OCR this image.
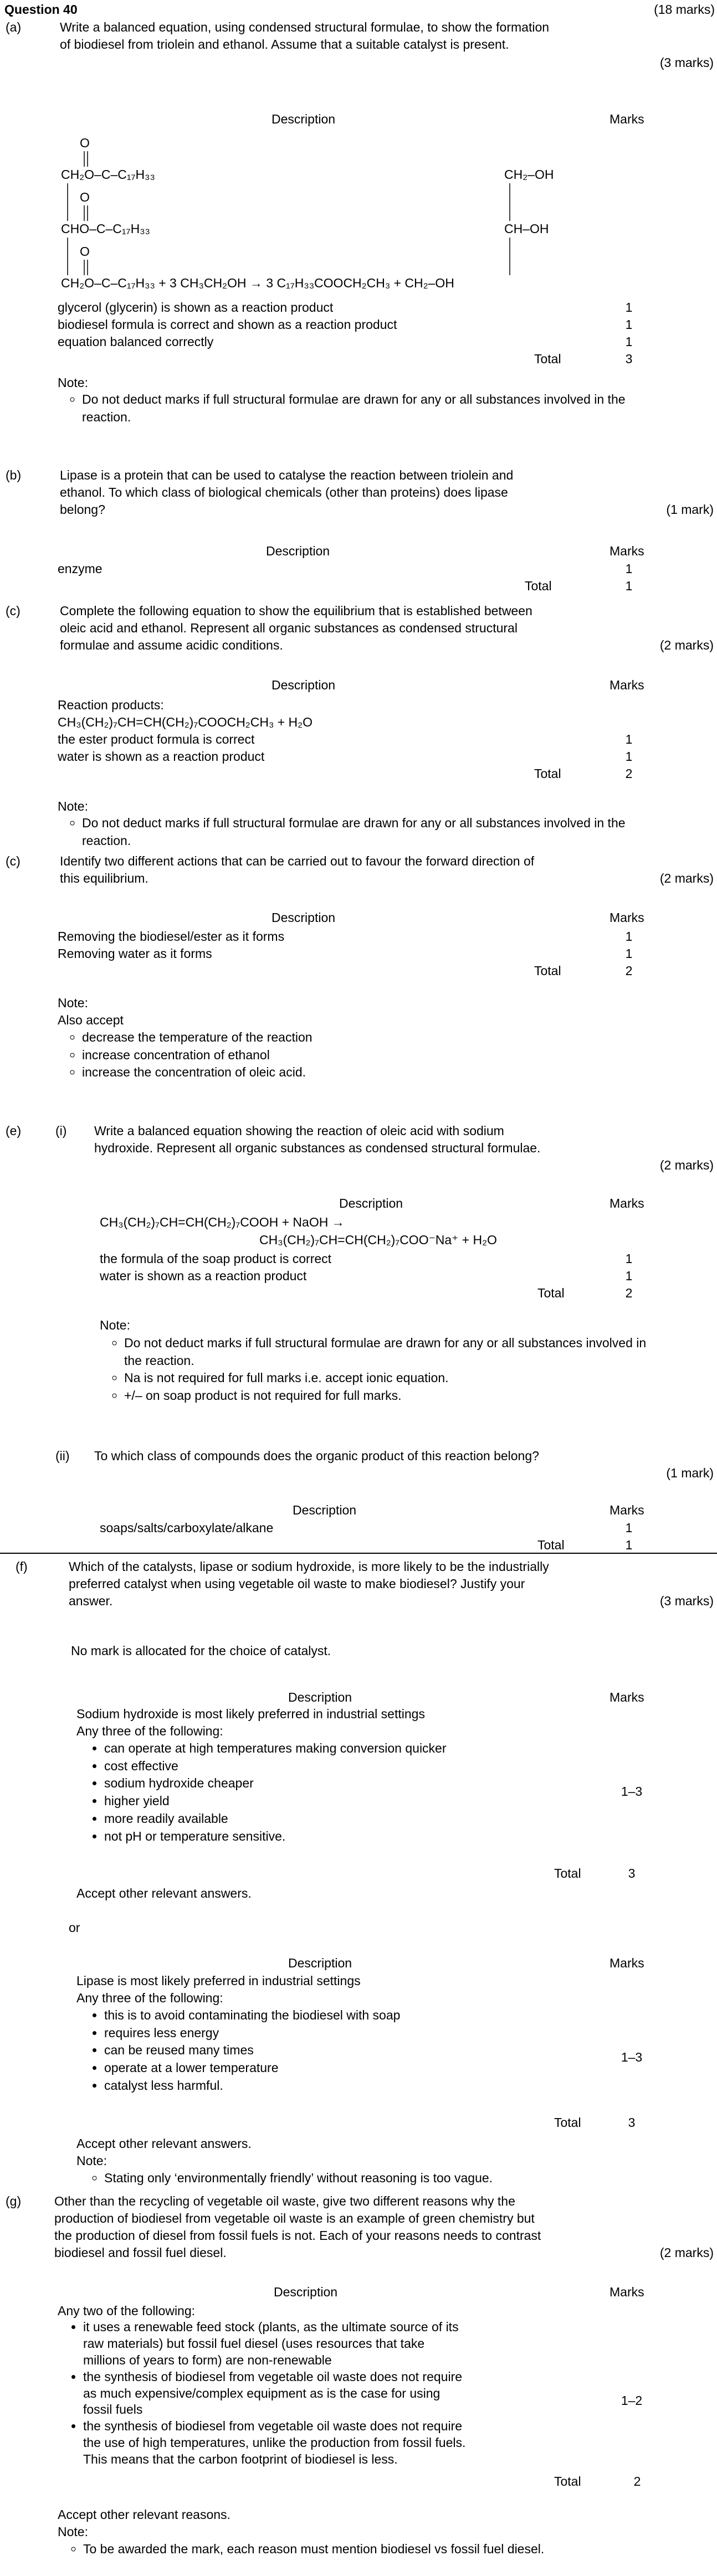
Question 40	(18 marks)
(a)	Write a balanced equation, using condensed structural formulae, to show the formation
of biodiesel from triolein and ethanol. Assume that a suitable catalyst is present.
(3 marks)
Description	Marks
O
CH₂O–C–C₁₇H₃₃
O
CHO–C–C₁₇H₃₃
O
CH₂O–C–C₁₇H₃₃ + 3 CH₃CH₂OH → 3 C₁₇H₃₃COOCH₂CH₃ + CH₂–OH
CH₂–OH
CH–OH
glycerol (glycerin) is shown as a reaction product	1
biodiesel formula is correct and shown as a reaction product	1
equation balanced correctly	1
Total	3
Note:
◦ Do not deduct marks if full structural formulae are drawn for any or all substances involved in the reaction.
(b)	Lipase is a protein that can be used to catalyse the reaction between triolein and
ethanol. To which class of biological chemicals (other than proteins) does lipase
belong?	(1 mark)
Description	Marks
enzyme	1
Total	1
(c)	Complete the following equation to show the equilibrium that is established between
oleic acid and ethanol. Represent all organic substances as condensed structural
formulae and assume acidic conditions.	(2 marks)
Description	Marks
Reaction products:
CH₃(CH₂)₇CH=CH(CH₂)₇COOCH₂CH₃ + H₂O
the ester product formula is correct	1
water is shown as a reaction product	1
Total	2
Note:
◦ Do not deduct marks if full structural formulae are drawn for any or all substances involved in the reaction.
(c)	Identify two different actions that can be carried out to favour the forward direction of
this equilibrium.	(2 marks)
Description	Marks
Removing the biodiesel/ester as it forms	1
Removing water as it forms	1
Total	2
Note:
Also accept
◦ decrease the temperature of the reaction
◦ increase concentration of ethanol
◦ increase the concentration of oleic acid.
(e)	(i) Write a balanced equation showing the reaction of oleic acid with sodium
hydroxide. Represent all organic substances as condensed structural formulae.
(2 marks)
Description	Marks
CH₃(CH₂)₇CH=CH(CH₂)₇COOH + NaOH →
CH₃(CH₂)₇CH=CH(CH₂)₇COO⁻Na⁺ + H₂O
the formula of the soap product is correct	1
water is shown as a reaction product	1
Total	2
Note:
◦ Do not deduct marks if full structural formulae are drawn for any or all substances involved in the reaction.
◦ Na is not required for full marks i.e. accept ionic equation.
◦ +/– on soap product is not required for full marks.
(ii) To which class of compounds does the organic product of this reaction belong?
(1 mark)
Description	Marks
soaps/salts/carboxylate/alkane	1
Total	1
(f)	Which of the catalysts, lipase or sodium hydroxide, is more likely to be the industrially
preferred catalyst when using vegetable oil waste to make biodiesel? Justify your
answer.	(3 marks)
No mark is allocated for the choice of catalyst.
Description	Marks
Sodium hydroxide is most likely preferred in industrial settings
Any three of the following:
• can operate at high temperatures making conversion quicker
• cost effective
• sodium hydroxide cheaper
• higher yield
• more readily available
• not pH or temperature sensitive.
1–3
Total	3
Accept other relevant answers.
or
Description	Marks
Lipase is most likely preferred in industrial settings
Any three of the following:
• this is to avoid contaminating the biodiesel with soap
• requires less energy
• can be reused many times
• operate at a lower temperature
• catalyst less harmful.
1–3
Total	3
Accept other relevant answers.
Note:
◦ Stating only ‘environmentally friendly’ without reasoning is too vague.
(g)	Other than the recycling of vegetable oil waste, give two different reasons why the
production of biodiesel from vegetable oil waste is an example of green chemistry but
the production of diesel from fossil fuels is not. Each of your reasons needs to contrast
biodiesel and fossil fuel diesel.	(2 marks)
Description	Marks
Any two of the following:
• it uses a renewable feed stock (plants, as the ultimate source of its
raw materials) but fossil fuel diesel (uses resources that take
millions of years to form) are non-renewable
• the synthesis of biodiesel from vegetable oil waste does not require
as much expensive/complex equipment as is the case for using
fossil fuels
• the synthesis of biodiesel from vegetable oil waste does not require
the use of high temperatures, unlike the production from fossil fuels.
This means that the carbon footprint of biodiesel is less.
1–2
Total	2
Accept other relevant reasons.
Note:
◦ To be awarded the mark, each reason must mention biodiesel vs fossil fuel diesel.
